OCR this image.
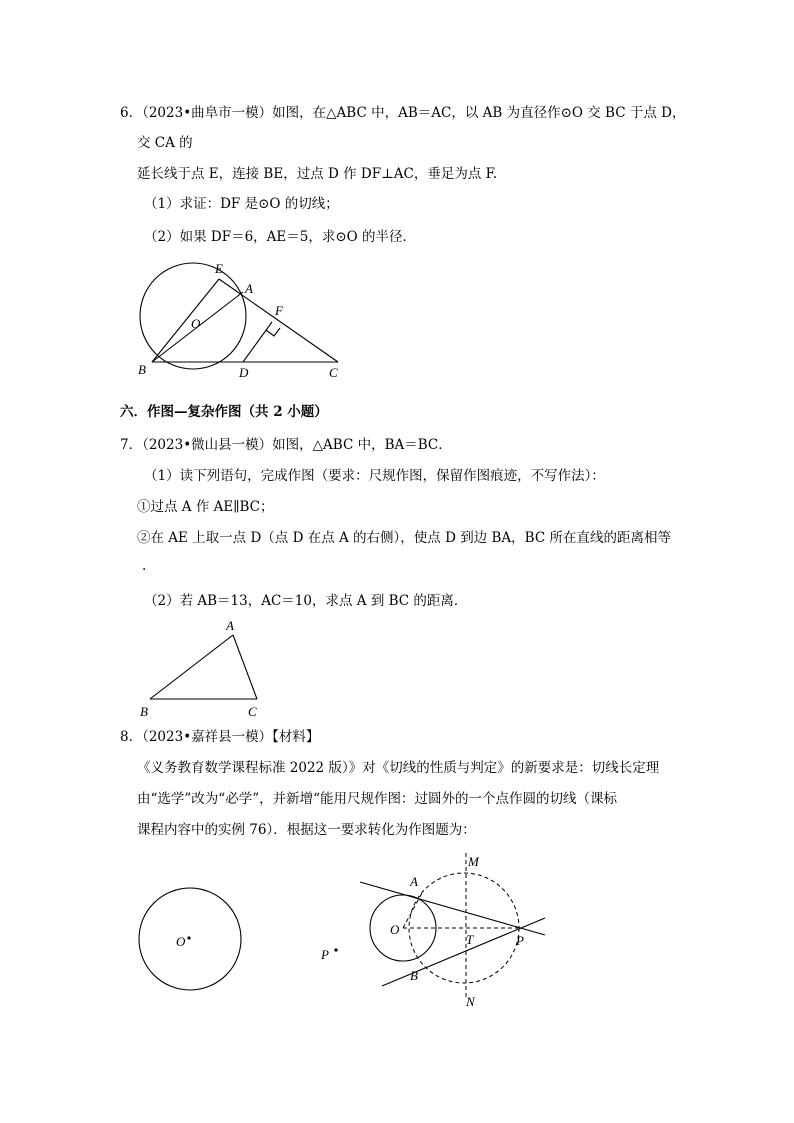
6．（2023•曲阜市一模）如图，在△ABC 中，AB＝AC，以 AB 为直径作⊙O 交 BC 于点 D，
交 CA 的
延长线于点 E，连接 BE，过点 D 作 DF⊥AC，垂足为点 F.
（1）求证：DF 是⊙O 的切线；
（2）如果 DF＝6，AE＝5，求⊙O 的半径．
E
A
F
O
B	D	C
六．作图—复杂作图（共 2 小题）
7．（2023•微山县一模）如图，△ABC 中，BA＝BC．
（1）读下列语句，完成作图（要求：尺规作图，保留作图痕迹，不写作法）：
①过点 A 作 AE∥BC；
②在 AE 上取一点 D（点 D 在点 A 的右侧），使点 D 到边 BA，BC 所在直线的距离相等
.
（2）若 AB＝13，AC＝10，求点 A 到 BC 的距离．
A
B	C
8．（2023•嘉祥县一模）【材料】
《义务教育数学课程标准 2022 版）》对《切线的性质与判定》的新要求是：切线长定理
由“选学”改为“必学”，并新增“能用尺规作图：过圆外的一个点作圆的切线（课标
课程内容中的实例 76）．根据这一要求转化为作图题为：
O
P
M
A
O
T	P
B
N
